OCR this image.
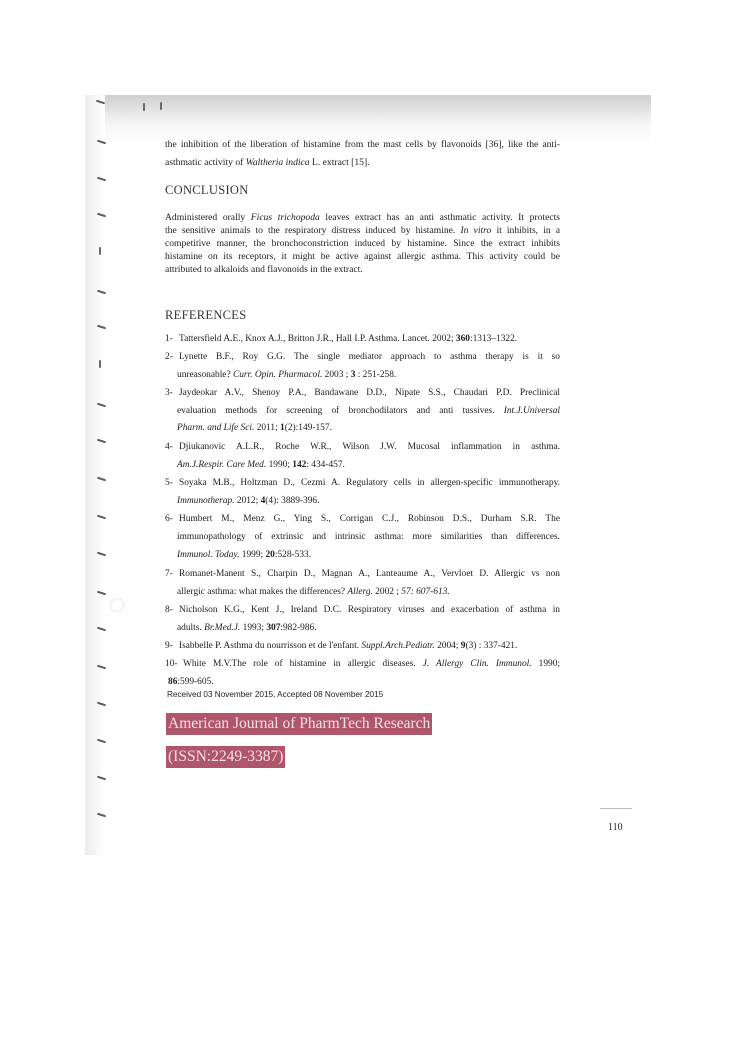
the inhibition of the liberation of histamine from the mast cells by flavonoids [36], like the anti-
asthmatic activity of Waltheria indica L. extract [15].
CONCLUSION
Administered orally Ficus trichopoda leaves extract has an anti asthmatic activity. It protects
the sensitive animals to the respiratory distress induced by histamine. In vitro it inhibits, in a
competitive manner, the bronchoconstriction induced by histamine. Since the extract inhibits
histamine on its receptors, it might be active against allergic asthma. This activity could be
attributed to alkaloids and flavonoids in the extract.
REFERENCES
1- Tattersfield A.E., Knox A.J., Britton J.R., Hall I.P. Asthma. Lancet. 2002; 360:1313–1322.
2- Lynette B.F., Roy G.G. The single mediator approach to asthma therapy is it so
unreasonable? Curr. Opin. Pharmacol. 2003 ; 3 : 251-258.
3- Jaydeokar A.V., Shenoy P.A., Bandawane D.D., Nipate S.S., Chaudari P.D. Preclinical
evaluation methods for screening of bronchodilators and anti tussives. Int.J.Universal
Pharm. and Life Sci. 2011; 1(2):149-157.
4- Djiukanovic A.L.R., Roche W.R., Wilson J.W. Mucosal inflammation in asthma.
Am.J.Respir. Care Med. 1990; 142: 434-457.
5- Soyaka M.B., Holtzman D., Cezmi A. Regulatory cells in allergen-specific immunotherapy.
Immunotherap. 2012; 4(4): 3889-396.
6- Humbert M., Menz G., Ying S., Corrigan C.J., Robinson D.S., Durham S.R. The
immunopathology of extrinsic and intrinsic asthma: more similarities than differences.
Immunol. Today. 1999; 20:528-533.
7- Romanet-Manent S., Charpin D., Magnan A., Lanteaume A., Vervloet D. Allergic vs non
allergic asthma: what makes the differences? Allerg. 2002 ; 57: 607-613.
8- Nicholson K.G., Kent J., Ireland D.C. Respiratory viruses and exacerbation of asthma in
adults. Br.Med.J. 1993; 307:982-986.
9- Isabbelle P. Asthma du nourrisson et de l'enfant. Suppl.Arch.Pediatr. 2004; 9(3) : 337-421.
10- White M.V.The role of histamine in allergic diseases. J. Allergy Clin. Immunol. 1990;
86:599-605.
Received 03 November 2015, Accepted 08 November 2015
American Journal of PharmTech Research
(ISSN:2249-3387)
110
